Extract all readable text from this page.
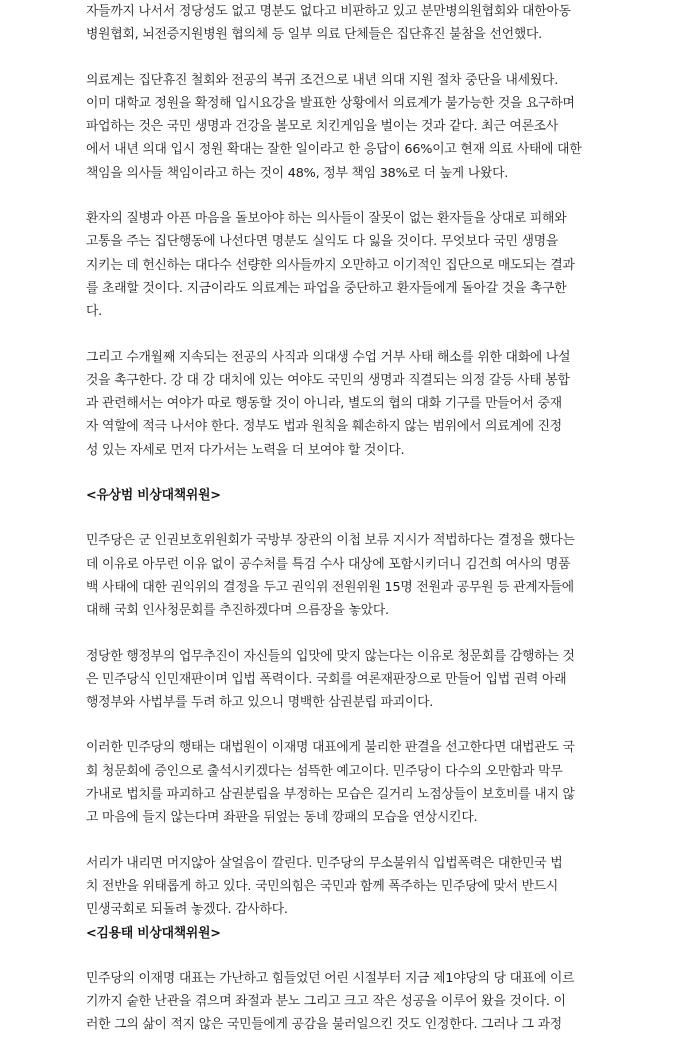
자들까지 나서서 정당성도 없고 명분도 없다고 비판하고 있고 분만병의원협회와 대한아동
병원협회, 뇌전증지원병원 협의체 등 일부 의료 단체들은 집단휴진 불참을 선언했다.
의료계는 집단휴진 철회와 전공의 복귀 조건으로 내년 의대 지원 절차 중단을 내세웠다.
이미 대학교 정원을 확정해 입시요강을 발표한 상황에서 의료계가 불가능한 것을 요구하며
파업하는 것은 국민 생명과 건강을 볼모로 치킨게임을 벌이는 것과 같다. 최근 여론조사
에서 내년 의대 입시 정원 확대는 잘한 일이라고 한 응답이 66%이고 현재 의료 사태에 대한
책임을 의사들 책임이라고 하는 것이 48%, 정부 책임 38%로 더 높게 나왔다.
환자의 질병과 아픈 마음을 돌보아야 하는 의사들이 잘못이 없는 환자들을 상대로 피해와
고통을 주는 집단행동에 나선다면 명분도 실익도 다 잃을 것이다. 무엇보다 국민 생명을
지키는 데 헌신하는 대다수 선량한 의사들까지 오만하고 이기적인 집단으로 매도되는 결과
를 초래할 것이다. 지금이라도 의료계는 파업을 중단하고 환자들에게 돌아갈 것을 촉구한
다.
그리고 수개월째 지속되는 전공의 사직과 의대생 수업 거부 사태 해소를 위한 대화에 나설
것을 촉구한다. 강 대 강 대치에 있는 여야도 국민의 생명과 직결되는 의정 갈등 사태 봉합
과 관련해서는 여야가 따로 행동할 것이 아니라, 별도의 협의 대화 기구를 만들어서 중재
자 역할에 적극 나서야 한다. 정부도 법과 원칙을 훼손하지 않는 범위에서 의료계에 진정
성 있는 자세로 먼저 다가서는 노력을 더 보여야 할 것이다.
<유상범 비상대책위원>
민주당은 군 인권보호위원회가 국방부 장관의 이첩 보류 지시가 적법하다는 결정을 했다는
데 이유로 아무런 이유 없이 공수처를 특검 수사 대상에 포함시키더니 김건희 여사의 명품
백 사태에 대한 권익위의 결정을 두고 권익위 전원위원 15명 전원과 공무원 등 관계자들에
대해 국회 인사청문회를 추진하겠다며 으름장을 놓았다.
정당한 행정부의 업무추진이 자신들의 입맛에 맞지 않는다는 이유로 청문회를 감행하는 것
은 민주당식 인민재판이며 입법 폭력이다. 국회를 여론재판장으로 만들어 입법 권력 아래
행정부와 사법부를 두려 하고 있으니 명백한 삼권분립 파괴이다.
이러한 민주당의 행태는 대법원이 이재명 대표에게 불리한 판결을 선고한다면 대법관도 국
회 청문회에 증인으로 출석시키겠다는 섬뜩한 예고이다. 민주당이 다수의 오만함과 막무
가내로 법치를 파괴하고 삼권분립을 부정하는 모습은 길거리 노점상들이 보호비를 내지 않
고 마음에 들지 않는다며 좌판을 뒤엎는 동네 깡패의 모습을 연상시킨다.
서리가 내리면 머지않아 살얼음이 깔린다. 민주당의 무소불위식 입법폭력은 대한민국 법
치 전반을 위태롭게 하고 있다. 국민의힘은 국민과 함께 폭주하는 민주당에 맞서 반드시
민생국회로 되돌려 놓겠다. 감사하다.
<김용태 비상대책위원>
민주당의 이재명 대표는 가난하고 힘들었던 어린 시절부터 지금 제1야당의 당 대표에 이르
기까지 숱한 난관을 겪으며 좌절과 분노 그리고 크고 작은 성공을 이루어 왔을 것이다. 이
러한 그의 삶이 적지 않은 국민들에게 공감을 불러일으킨 것도 인정한다. 그러나 그 과정
